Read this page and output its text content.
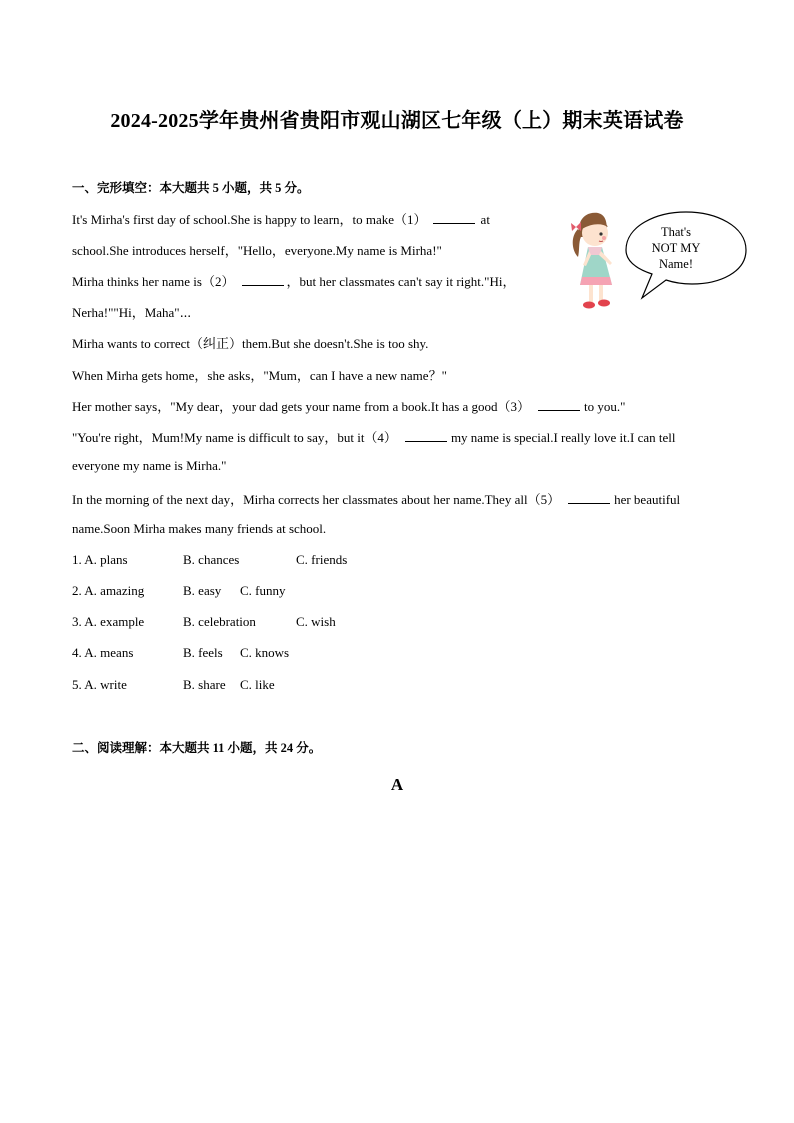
2024-2025学年贵州省贵阳市观山湖区七年级（上）期末英语试卷
一、完形填空：本大题共 5 小题，共 5 分。
It's Mirha's first day of school.She is happy to learn，to make（1）	at
school.She introduces herself，"Hello，everyone.My name is Mirha!"
Mirha thinks her name is（2）	，but her classmates can't say it right."Hi，
Nerha!""Hi，Maha"⋯
Mirha wants to correct（纠正）them.But she doesn't.She is too shy.
When Mirha gets home，she asks，"Mum，can I have a new name？"
Her mother says，"My dear，your dad gets your name from a book.It has a good（3）	to you."
"You're right，Mum!My name is difficult to say，but it（4）	my name is special.I really love it.I can tell
everyone my name is Mirha."
In the morning of the next day，Mirha corrects her classmates about her name.They all（5）	her beautiful
name.Soon Mirha makes many friends at school.
That's
NOT MY
Name!
1. A. plans	B. chances	C. friends
2. A. amazing	B. easy C. funny
3. A. example	B. celebration	C. wish
4. A. means	B. feels C. knows
5. A. write	B. share C. like
二、阅读理解：本大题共 11 小题，共 24 分。
A
